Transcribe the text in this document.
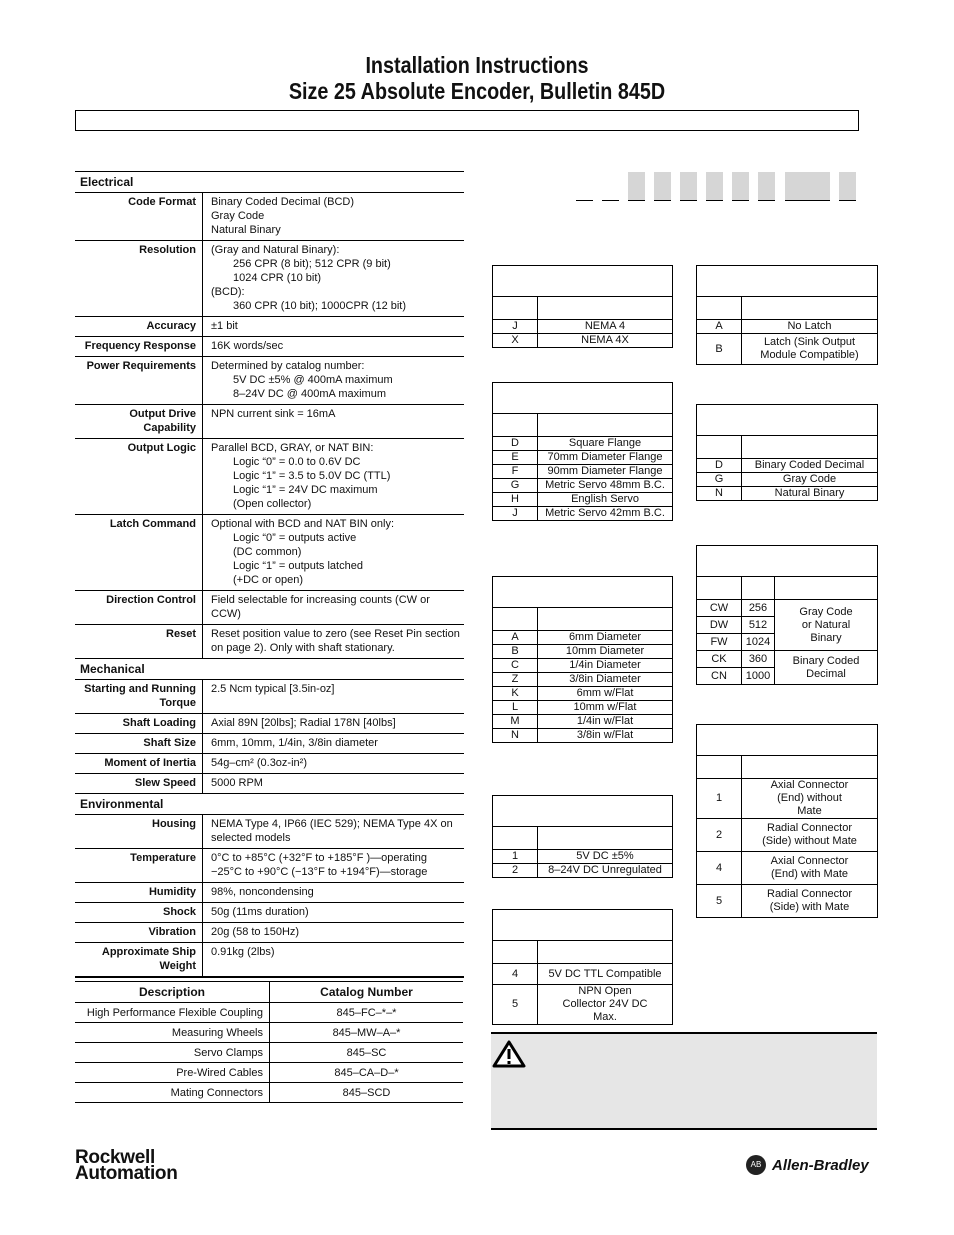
Installation Instructions
Size 25 Absolute Encoder, Bulletin 845D
Electrical	
Code Format	Binary Coded Decimal (BCD)
Gray Code
Natural Binary
Resolution	(Gray and Natural Binary):
256 CPR (8 bit); 512 CPR (9 bit)
1024 CPR (10 bit)
(BCD):
360 CPR (10 bit); 1000CPR (12 bit)

Accuracy	±1 bit
Frequency Response	16K words/sec
Power Requirements	Determined by catalog number:
5V DC ±5% @ 400mA maximum
8–24V DC @ 400mA maximum

Output Drive Capability	NPN current sink = 16mA
Output Logic	Parallel BCD, GRAY, or NAT BIN:
Logic “0” = 0.0 to 0.6V DC
Logic “1” = 3.5 to 5.0V DC (TTL)
Logic “1” = 24V DC maximum
(Open collector)

Latch Command	Optional with BCD and NAT BIN only:
Logic “0” = outputs active
(DC common)
Logic “1” = outputs latched
(+DC or open)

Direction Control	Field selectable for increasing counts (CW or CCW)
Reset	Reset position value to zero (see Reset Pin section on page 2). Only with shaft stationary.
Mechanical	
Starting and Running Torque	2.5 Ncm typical [3.5in-oz]
Shaft Loading	Axial 89N [20lbs]; Radial 178N [40lbs]
Shaft Size	6mm, 10mm, 1/4in, 3/8in diameter
Moment of Inertia	54g–cm² (0.3oz-in²)
Slew Speed	5000 RPM
Environmental	
Housing	NEMA Type 4, IP66 (IEC 529); NEMA Type 4X on selected models
Temperature	0°C to +85°C (+32°F to +185°F )—operating
−25°C to +90°C (−13°F to +194°F)—storage
Humidity	98%, noncondensing
Shock	50g (11ms duration)
Vibration	20g (58 to 150Hz)
Approximate Ship Weight	0.91kg (2lbs)
Description	Catalog Number
High Performance Flexible Coupling	845–FC–*–*
Measuring Wheels	845–MW–A–*
Servo Clamps	845–SC
Pre-Wired Cables	845–CA–D–*
Mating Connectors	845–SCD

J	NEMA 4
X	NEMA 4X

D	Square Flange
E	70mm Diameter Flange
F	90mm Diameter Flange
G	Metric Servo 48mm B.C.
H	English Servo
J	Metric Servo 42mm B.C.

A	6mm Diameter
B	10mm Diameter
C	1/4in Diameter
Z	3/8in Diameter
K	6mm w/Flat
L	10mm w/Flat
M	1/4in w/Flat
N	3/8in w/Flat

1	5V DC ±5%
2	8–24V DC Unregulated

4	5V DC TTL Compatible
5	NPN Open Collector 24V DC Max.

A	No Latch
B	Latch (Sink Output Module Compatible)

D	Binary Coded Decimal
G	Gray Code
N	Natural Binary

CW	256	Gray Code or Natural Binary
DW	512	
FW	1024	
CK	360	Binary Coded Decimal
CN	1000	

1	Axial Connector (End) without Mate
2	Radial Connector (Side) without Mate
4	Axial Connector (End) with Mate
5	Radial Connector (Side) with Mate
Rockwell
Automation	AB Allen-Bradley
